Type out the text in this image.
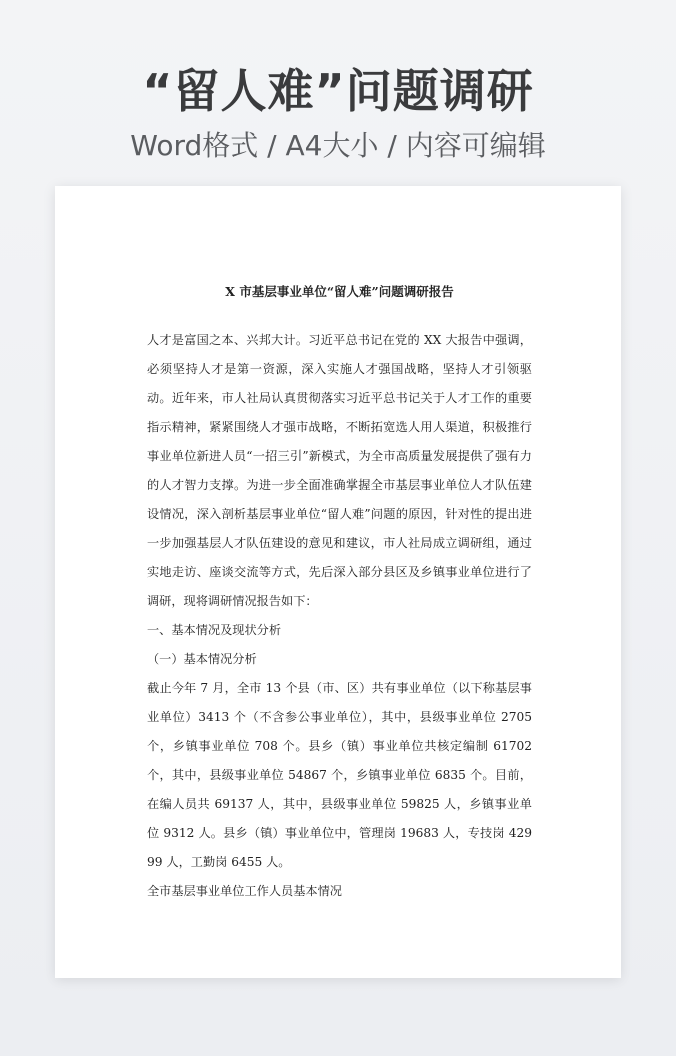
“留人难”问题调研
Word格式 / A4大小 / 内容可编辑
X 市基层事业单位“留人难”问题调研报告

人才是富国之本、兴邦大计。习近平总书记在党的 XX 大报告中强调，必须坚持人才是第一资源，深入实施人才强国战略，坚持人才引领驱动。近年来，市人社局认真贯彻落实习近平总书记关于人才工作的重要指示精神，紧紧围绕人才强市战略，不断拓宽选人用人渠道，积极推行事业单位新进人员“一招三引”新模式，为全市高质量发展提供了强有力的人才智力支撑。为进一步全面准确掌握全市基层事业单位人才队伍建设情况，深入剖析基层事业单位“留人难”问题的原因，针对性的提出进一步加强基层人才队伍建设的意见和建议，市人社局成立调研组，通过实地走访、座谈交流等方式，先后深入部分县区及乡镇事业单位进行了调研，现将调研情况报告如下：

一、基本情况及现状分析

（一）基本情况分析

截止今年 7 月，全市 13 个县（市、区）共有事业单位（以下称基层事业单位）3413 个（不含参公事业单位），其中，县级事业单位 2705 个，乡镇事业单位 708 个。县乡（镇）事业单位共核定编制 61702 个，其中，县级事业单位 54867 个，乡镇事业单位 6835 个。目前，在编人员共 69137 人，其中，县级事业单位 59825 人，乡镇事业单位 9312 人。县乡（镇）事业单位中，管理岗 19683 人，专技岗 42999 人，工勤岗 6455 人。

全市基层事业单位工作人员基本情况
